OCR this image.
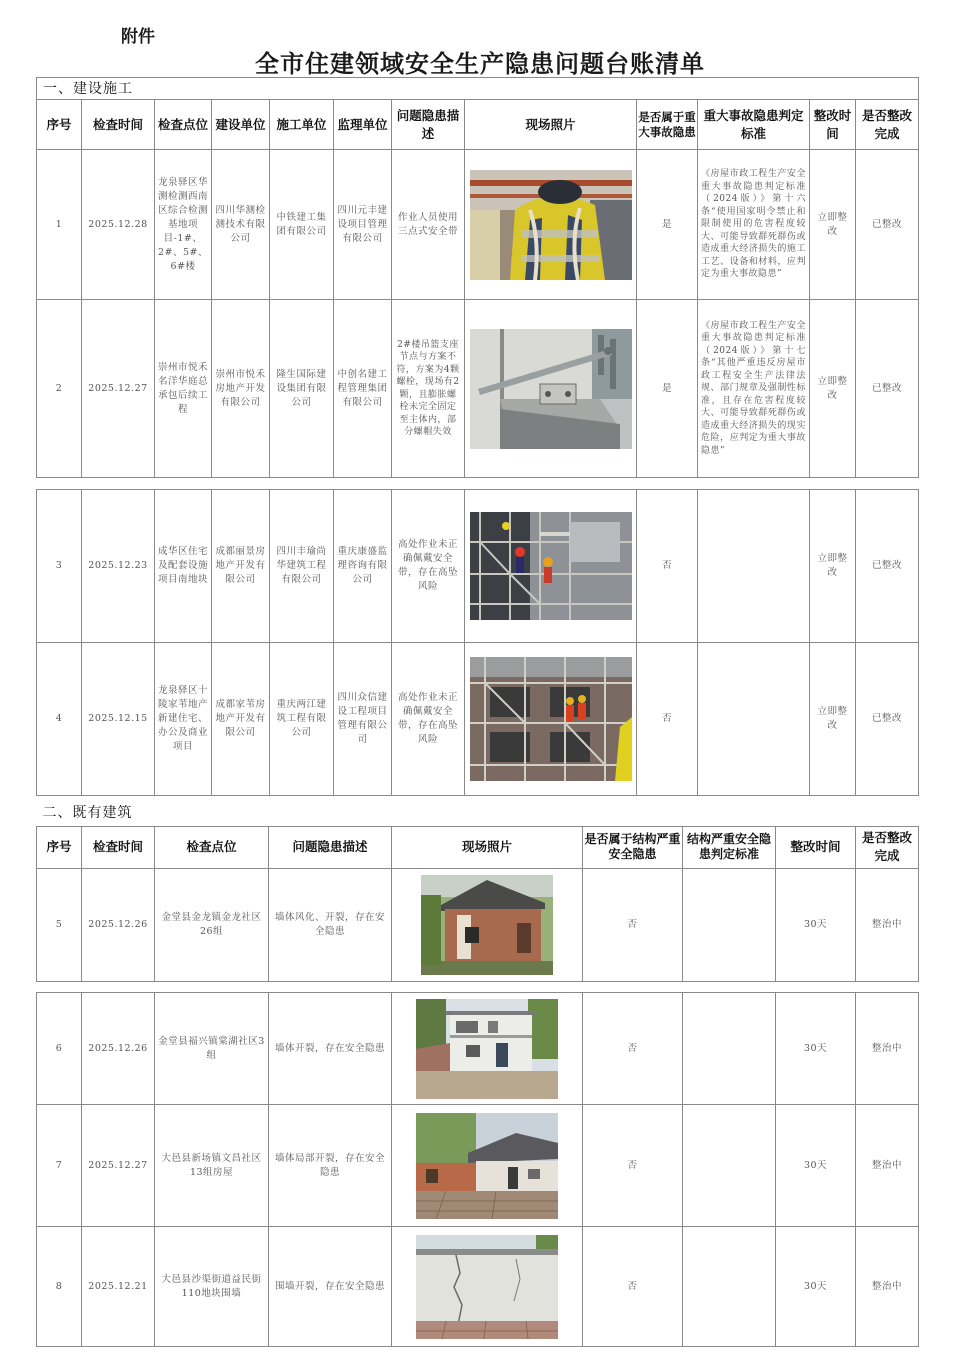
附件
全市住建领域安全生产隐患问题台账清单
一、建设施工											
序号	检查时间	检查点位	建设单位	施工单位	监理单位	问题隐患描述	现场照片	是否属于重大事故隐患	重大事故隐患判定标准	整改时间	是否整改完成
1	2025.12.28	龙泉驿区华测检测西南区综合检测基地项目-1#、2#、5#、6#楼	四川华测检测技术有限公司	中铁建工集团有限公司	四川元丰建设项目管理有限公司	作业人员使用三点式安全带		是	《房屋市政工程生产安全重大事故隐患判定标准（2024版）》第十六条“使用国家明令禁止和限制使用的危害程度较大、可能导致群死群伤或造成重大经济损失的施工工艺、设备和材料，应判定为重大事故隐患”	立即整改	已整改
2	2025.12.27	崇州市悦禾名洋华庭总承包后续工程	崇州市悦禾房地产开发有限公司	隆生国际建设集团有限公司	中创名建工程管理集团有限公司	2#楼吊篮支座节点与方案不符，方案为4颗螺栓，现场有2颗，且膨胀螺栓未完全固定至主体内，部分螺帽失效		是	《房屋市政工程生产安全重大事故隐患判定标准（2024版）》第十七条“其他严重违反房屋市政工程安全生产法律法规、部门规章及强制性标准，且存在危害程度较大、可能导致群死群伤或造成重大经济损失的现实危险，应判定为重大事故隐患”	立即整改	已整改
3	2025.12.23	成华区住宅及配套设施项目南地块	成都丽景房地产开发有限公司	四川丰瑜尚华建筑工程有限公司	重庆康盛监理咨询有限公司	高处作业未正确佩戴安全带，存在高坠风险		否		立即整改	已整改
4	2025.12.15	龙泉驿区十陵家苇地产新建住宅、办公及商业项目	成都家苇房地产开发有限公司	重庆两江建筑工程有限公司	四川众信建设工程项目管理有限公司	高处作业未正确佩戴安全带，存在高坠风险		否		立即整改	已整改
二、既有建筑								
序号	检查时间	检查点位	问题隐患描述	现场照片	是否属于结构严重安全隐患	结构严重安全隐患判定标准	整改时间	是否整改完成
5	2025.12.26	金堂县金龙镇金龙社区26组	墙体风化、开裂，存在安全隐患		否		30天	整治中
6	2025.12.26	金堂县福兴镇棠湖社区3组	墙体开裂，存在安全隐患		否		30天	整治中
7	2025.12.27	大邑县新场镇文昌社区13组房屋	墙体局部开裂，存在安全隐患		否		30天	整治中
8	2025.12.21	大邑县沙渠街道益民街110地块围墙	围墙开裂，存在安全隐患		否		30天	整治中
